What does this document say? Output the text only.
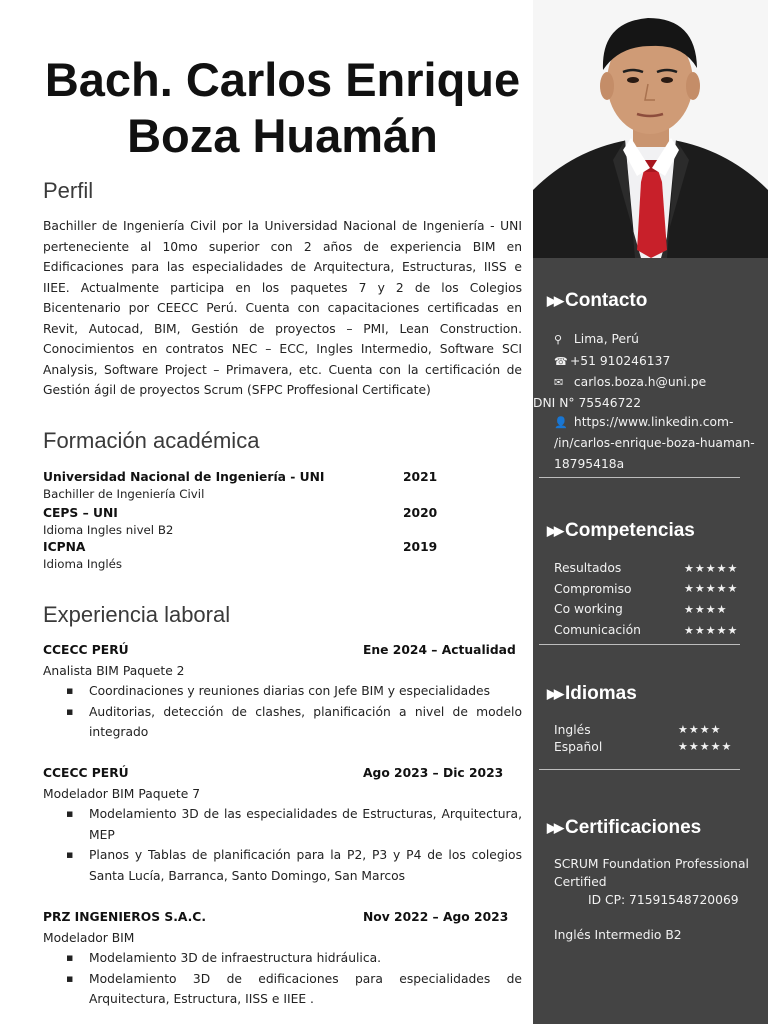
Bach. Carlos Enrique
Boza Huamán
Perfil
Bachiller de Ingeniería Civil por la Universidad Nacional de Ingeniería - UNI perteneciente al 10mo superior con 2 años de experiencia BIM en Edificaciones para las especialidades de Arquitectura, Estructuras, IISS e IIEE. Actualmente participa en los paquetes 7 y 2 de los Colegios Bicentenario por CEECC Perú. Cuenta con capacitaciones certificadas en Revit, Autocad, BIM, Gestión de proyectos – PMI, Lean Construction. Conocimientos en contratos NEC – ECC, Ingles Intermedio, Software SCI Analysis, Software Project – Primavera, etc. Cuenta con la certificación de Gestión ágil de proyectos Scrum (SFPC Proffesional Certificate)
Formación académica
Universidad Nacional de Ingeniería - UNI	2021
Bachiller de Ingeniería Civil
CEPS – UNI	2020
Idioma Ingles nivel B2
ICPNA	2019
Idioma Inglés
Experiencia laboral
CCECC PERÚ	Ene 2024 – Actualidad
Analista BIM Paquete 2
▪ Coordinaciones y reuniones diarias con Jefe BIM y especialidades
▪ Auditorias, detección de clashes, planificación a nivel de modelo integrado
CCECC PERÚ	Ago 2023 – Dic 2023
Modelador BIM Paquete 7
▪ Modelamiento 3D de las especialidades de Estructuras, Arquitectura, MEP
▪ Planos y Tablas de planificación para la P2, P3 y P4 de los colegios Santa Lucía, Barranca, Santo Domingo, San Marcos
PRZ INGENIEROS S.A.C.	Nov 2022 – Ago 2023
Modelador BIM
▪ Modelamiento 3D de infraestructura hidráulica.
▪ Modelamiento 3D de edificaciones para especialidades de Arquitectura, Estructura, IISS e IIEE .
▶▶ Contacto
⚲ Lima, Perú
☎ +51 910246137
✉ carlos.boza.h@uni.pe
DNI N° 75546722
👤 https://www.linkedin.com-
/in/carlos-enrique-boza-huaman-
18795418a
▶▶ Competencias
Resultados	★★★★★
Compromiso	★★★★★
Co working	★★★★
Comunicación	★★★★★
▶▶ Idiomas
Inglés	★★★★
Español	★★★★★
▶▶ Certificaciones
SCRUM Foundation Professional
Certified
ID CP: 71591548720069
Inglés Intermedio B2
